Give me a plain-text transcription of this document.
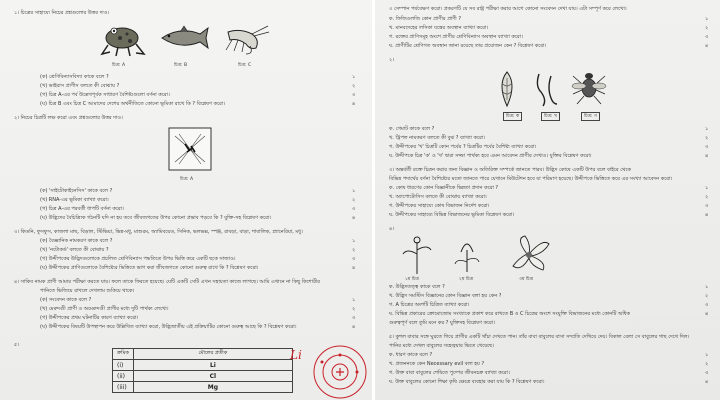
১। চিত্রের সাহায্যে নিচের প্রশ্নগুলোর উত্তর দাও।
(ক) শ্রেণিবিন্যাসবিদ্যা কাকে বলে ?	১
(খ) ভাইরাস প্রাণীস বলতে কী বোঝায় ?	২
(গ) চিত্র A-এর পর্ব উল্লেখপূর্বক সাধারণ বৈশিষ্ট্যগুলো বর্ণনা করো।	৩
(ঘ) চিত্র B এবং চিত্র C আমাদের দেশের অর্থনীতিতে কোনো ভূমিকা রাখে কি ? বিশ্লেষণ করো।	৪
২। নিচের চিত্রটি লক্ষ করো এবং প্রশ্নগুলোর উত্তর দাও।
(ক) 'সাইটোকাইনেসিস' কাকে বলে ?	১
(খ) RNA-এর ভূমিকা ব্যাখ্যা করো।	২
(গ) চিত্র A-এর পরবর্তী ধাপটি বর্ণনা করো।	৩
(ঘ) উদ্ভিদের বৈচিত্র্যিক গঠনটি যদি না হয় তবে জীবজগতের উপর কোনো প্রভাব পড়বে কি ? যুক্তি-সহ বিশ্লেষণ করো।	৪
৩। কিডনি, ফুসফুস, কাজলা মাছ, বিড়াল, স্টিভিয়া, ভিন্ন-মধু, মাশুরম, অ্যামিবয়েড, সিনিক, ভলভক্স, স্পঞ্জ, রাবড়া, বাড়া, শাবালিক, প্ল্যানেরিয়া, মধু।
(ক) বৈজ্ঞানিক নামকরণ কাকে বলে ?	১
(খ) 'নটোকর্ড' বলতে কী বোঝায় ?	২
(গ) উদ্দীপকের উদ্ভিদগুলোকে প্রচলিত শ্রেণিবিন্যাস পদ্ধতিতে উপর ভিত্তি করে একটি ছকে সাজাও।	৩
(ঘ) উদ্দীপকের প্রাণিগুলোকে বৈশিষ্ট্যের ভিত্তিতে ভাগ করা জীবজগতে কোনো গুরুত্ব রাখে কি ? বিশ্লেষণ করো।	৪
৪। সাকিব নামক প্রাণী আমার পরীক্ষা করতে যায়। ফলে তাকে ফিরতে হয়েছে। যেটি একটি সেটি এখন সহায়তা কাজে লাগছে। আমি এখানে না কিছু কিশোরীর
পানিতে ভিজিয়ে রাখলে দেখলাম শুকিয়ে থাকে।
(ক) সংবেদন কাকে বলে ?	১
(খ) মেরুদণ্ডী প্রাণী ও অমেরুদণ্ডী প্রাণীর মধ্যে দুটি পার্থক্য লেখো।	২
(গ) উদ্দীপকের প্রথম ঘটনাটির কারণ ব্যাখ্যা করো।	৩
(ঘ) উদ্দীপকের বিষয়টি উপস্থাপন করে উল্লিখিত ব্যাখ্যা করো, উদ্ভিজাতীয় এই প্রক্রিয়াটির কোনো গুরুত্ব আছে কি ? বিশ্লেষণ করো।	৪
৫।
চিত্র: A	চিত্র: B	চিত্র: C
চিত্র: A
ক্রমিক	মৌলের প্রতীক
(i)	Li
(ii)	Cl
(iii)	Mg
Li
৩ সেম্পান পর্যবেক্ষণ করো। প্রকরণটি যে সব রাষ্ট্র পরীক্ষা করার আগে কোনো সংবেদন দেখা যায়। এটা সম্পূর্ণ করে লেখো।
ক. ফিজিওলজি কোন প্রাণীর প্রাণী ?	১
খ. মানবদেহের লসিকা যন্ত্রের অবস্থান ব্যাখ্যা করো।	২
গ. রক্তের প্রাণিসমূহ অংশে প্রাণীর শ্রেণিবিন্যাস অবস্থান ব্যাখ্যা করো।	৩
ঘ. প্রাণীটির শ্রেণিগত অবস্থান জানা রয়েছে তার প্রয়োজন কেন ? বিশ্লেষণ করো।	৪
২।
ক. গেমাট কাকে বলে ?	১
খ. ট্রিপল নামকরণ বলতে কী বুঝ ? ব্যাখ্যা করো।	২
গ. উদ্দীপকের 'খ' চিত্রটি কোন পর্বের ? চিত্রটির পর্বের বৈশিষ্ট্য ব্যাখ্যা করো।	৩
ঘ. উদ্দীপকে চিত্র 'ক' ও 'খ' দ্বারা সজ্জা পার্থক্য হবে এমন আবেদন প্রাণীর দেখাও। যুক্তির বিশ্লেষণ করো।	৪
৩। অন্তর্বর্তী রক্তে চিত্রন করার জন্য বিজ্ঞান ও অতিরিক্ত সম্পর্কে জানতে পারব। উদ্ভিদ কোষে একটি উপর বলে বাইরে থেকে
বিভিন্ন পদার্থের বর্ণনা বৈশিষ্ট্যের মতো জানতে পারে যেখানে মিউটেশন হবে যা পরিমাণ হয়েছে। উদ্দীপকে ভিত্তিতে করে এর সংখ্যা আবেদন করো।
ক. কোষ ধারণের কোন বিজ্ঞানীকে ভিন্নতা প্রদান করো ?	১
খ. অ্যাপোটোসিস বলতে কী বোঝায় ব্যাখ্যা করো।	২
গ. উদ্দীপকের সাহায্যে কোষ বিভাজন নির্দেশ করো।	৩
ঘ. উদ্দীপকের সাহায্যে বিভিন্ন বিভাজনের ভূমিকা বিশ্লেষণ করো।	৪
৪।
ক. উদ্ভিদতত্ত্ব কাকে বলে ?	১
খ. উদ্ভিদ সমস্টিস বিজ্ঞানের কোন বিজ্ঞান বলা হয় কেন ?	২
গ. A চিত্রের অংশটি চিত্রিত ব্যাখ্যা করো।	৩
ঘ. বিভিন্ন প্রকারের ক্রোমোজোম সংখ্যাকে প্রকাশ করে রাখতে B ও C চিত্রের অংশে সংযুক্তি বিভাজনের মধ্যে কোনটি অধিক	৪
গুরুত্বপূর্ণ বলে তুমি মনে কর ? যুক্তিসহ বিশ্লেষণ করো।
৫। কুশল বাবার সঙ্গে ঘুরতে গিয়ে প্রাণীর একটি খাঁচা দেখতে পান। তাঁর বাবা বাবুলের বাসা সম্প্রতি দেখিয়ে দেয়। বিকাল বেলা সে বাবুলের গাছ দেখে দিল।
পানির মধ্যে দেখল বাবুলের সহেজ্বয়ার ভিতে খেয়েছে।
ক. ধারণ কাকে বলে ?	১
খ. প্রজননকে কেন Necessary evil বলা হয় ?	২
গ. উক্ত বাবা বাবুলের শেষিতে পুষ্পের জীবনচক্র ব্যাখ্যা করো।	৩
ঘ. উক্ত বাবুলের কোনো শিক্ষা কৃষি ক্ষেত্রে ব্যবহার করা যায় কি ? বিশ্লেষণ করো।	৪
চিত্র: ক	চিত্র: খ	চিত্র: গ
১ম চিত্র	২য় চিত্র	৩য় চিত্র
